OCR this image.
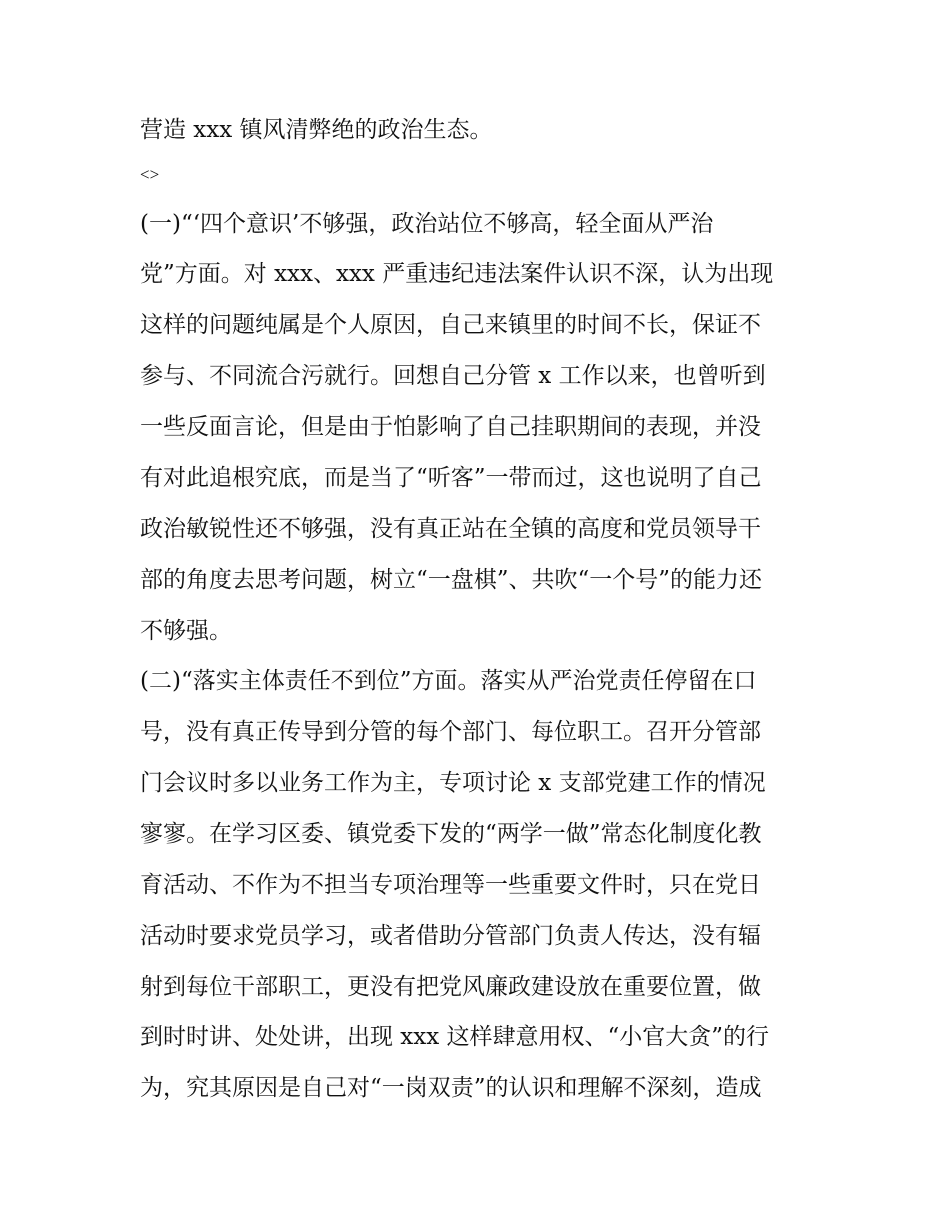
营造 xxx 镇风清弊绝的政治生态。
<>
(一)“‘四个意识’不够强，政治站位不够高，轻全面从严治
党”方面。对 xxx、xxx 严重违纪违法案件认识不深，认为出现
这样的问题纯属是个人原因，自己来镇里的时间不长，保证不
参与、不同流合污就行。回想自己分管 x 工作以来，也曾听到
一些反面言论，但是由于怕影响了自己挂职期间的表现，并没
有对此追根究底，而是当了“听客”一带而过，这也说明了自己
政治敏锐性还不够强，没有真正站在全镇的高度和党员领导干
部的角度去思考问题，树立“一盘棋”、共吹“一个号”的能力还
不够强。
(二)“落实主体责任不到位”方面。落实从严治党责任停留在口
号，没有真正传导到分管的每个部门、每位职工。召开分管部
门会议时多以业务工作为主，专项讨论 x 支部党建工作的情况
寥寥。在学习区委、镇党委下发的“两学一做”常态化制度化教
育活动、不作为不担当专项治理等一些重要文件时，只在党日
活动时要求党员学习，或者借助分管部门负责人传达，没有辐
射到每位干部职工，更没有把党风廉政建设放在重要位置，做
到时时讲、处处讲，出现 xxx 这样肆意用权、“小官大贪”的行
为，究其原因是自己对“一岗双责”的认识和理解不深刻，造成
